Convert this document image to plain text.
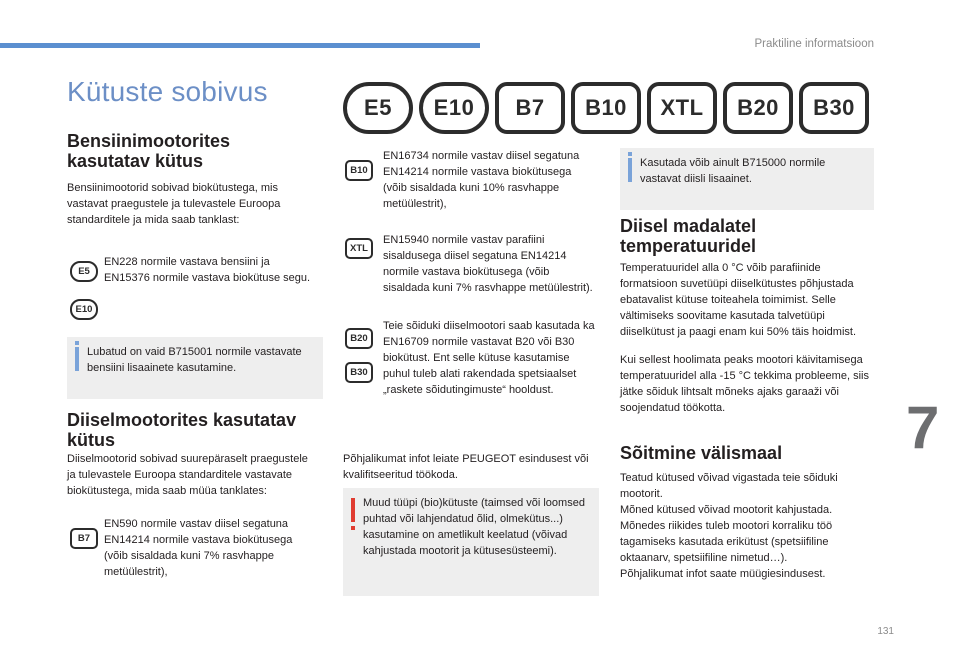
Praktiline informatsioon
7
131
Kütuste sobivus
E5 E10 B7 B10 XTL B20 B30
Bensiinimootorites kasutatav kütus
Bensiinimootorid sobivad biokütustega, mis vastavat praegustele ja tulevastele Euroopa standarditele ja mida saab tanklast:
E5
E10
EN228 normile vastava bensiini ja EN15376 normile vastava biokütuse segu.
Lubatud on vaid B715001 normile vastavate bensiini lisaainete kasutamine.
Diiselmootorites kasutatav kütus
Diiselmootorid sobivad suurepäraselt praegustele ja tulevastele Euroopa standarditele vastavate biokütustega, mida saab müüa tanklates:
B7
EN590 normile vastav diisel segatuna EN14214 normile vastava biokütusega (võib sisaldada kuni 7% rasvhappe metüülestrit),
B10
EN16734 normile vastav diisel segatuna EN14214 normile vastava biokütusega (võib sisaldada kuni 10% rasvhappe metüülestrit),
XTL
EN15940 normile vastav parafiini sisaldusega diisel segatuna EN14214 normile vastava biokütusega (võib sisaldada kuni 7% rasvhappe metüülestrit).
B20
B30
Teie sõiduki diiselmootori saab kasutada ka EN16709 normile vastavat B20 või B30 biokütust. Ent selle kütuse kasutamise puhul tuleb alati rakendada spetsiaalset „raskete sõidutingimuste“ hooldust.
Põhjalikumat infot leiate PEUGEOT esindusest või kvalifitseeritud töökoda.
Muud tüüpi (bio)kütuste (taimsed või loomsed puhtad või lahjendatud õlid, olmekütus...) kasutamine on ametlikult keelatud (võivad kahjustada mootorit ja kütusesüsteemi).
Kasutada võib ainult B715000 normile vastavat diisli lisaainet.
Diisel madalatel temperatuuridel
Temperatuuridel alla 0 °C võib parafiinide formatsioon suvetüüpi diiselkütustes põhjustada ebatavalist kütuse toiteahela toimimist. Selle vältimiseks soovitame kasutada talvetüüpi diiselkütust ja paagi enam kui 50% täis hoidmist.
Kui sellest hoolimata peaks mootori käivitamisega temperatuuridel alla -15 °C tekkima probleeme, siis jätke sõiduk lihtsalt mõneks ajaks garaaži või soojendatud töökotta.
Sõitmine välismaal
Teatud kütused võivad vigastada teie sõiduki mootorit.
Mõned kütused võivad mootorit kahjustada. Mõnedes riikides tuleb mootori korraliku töö tagamiseks kasutada erikütust (spetsiifiline oktaanarv, spetsiifiline nimetud…).
Põhjalikumat infot saate müügiesindusest.
